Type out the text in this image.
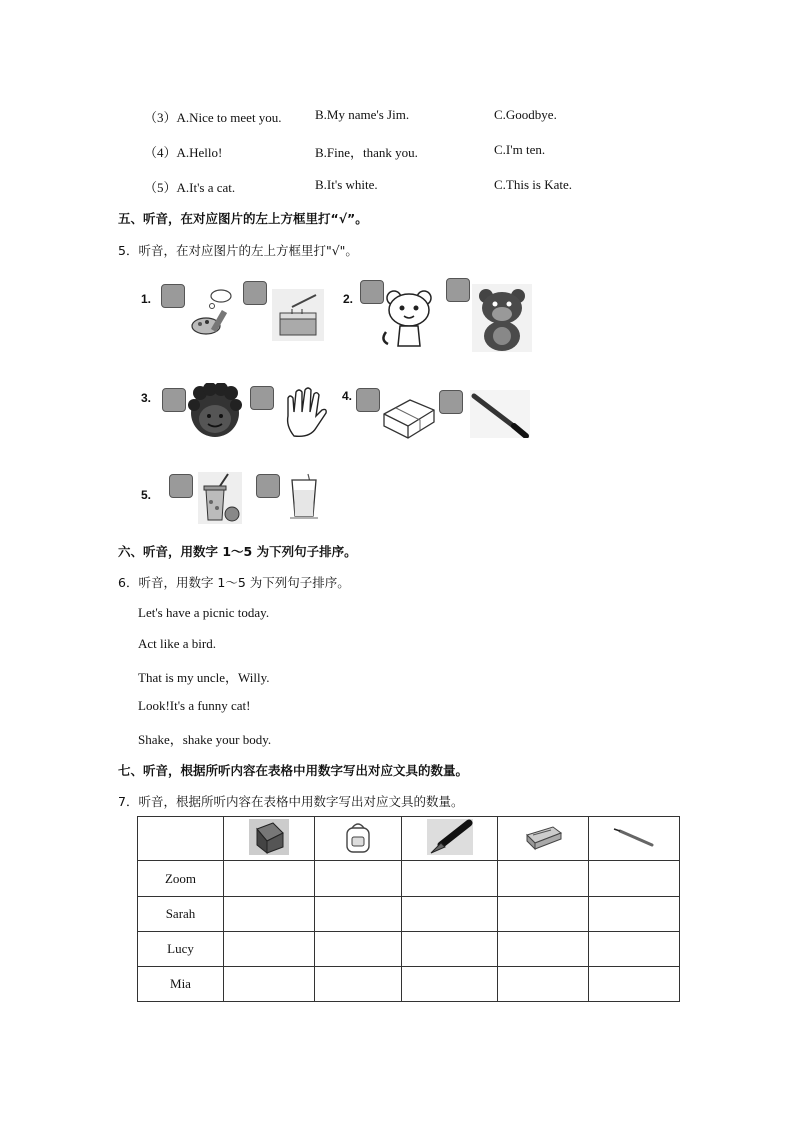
（3）A.Nice to meet you.	B.My name's Jim.	C.Goodbye.
（4）A.Hello!	B.Fine，thank you.	C.I'm ten.
（5）A.It's a cat.	B.It's white.	C.This is Kate.
五、听音，在对应图片的左上方框里打“√”。
5．听音，在对应图片的左上方框里打"√"。
1.	2.
3.	4.
5.
六、听音，用数字 1～5 为下列句子排序。
6．听音，用数字 1～5 为下列句子排序。
Let's have a picnic today.
Act like a bird.
That is my uncle，Willy.
Look!It's a funny cat!
Shake，shake your body.
七、听音，根据所听内容在表格中用数字写出对应文具的数量。
7．听音，根据所听内容在表格中用数字写出对应文具的数量。

Zoom					
Sarah					
Lucy					
Mia					
